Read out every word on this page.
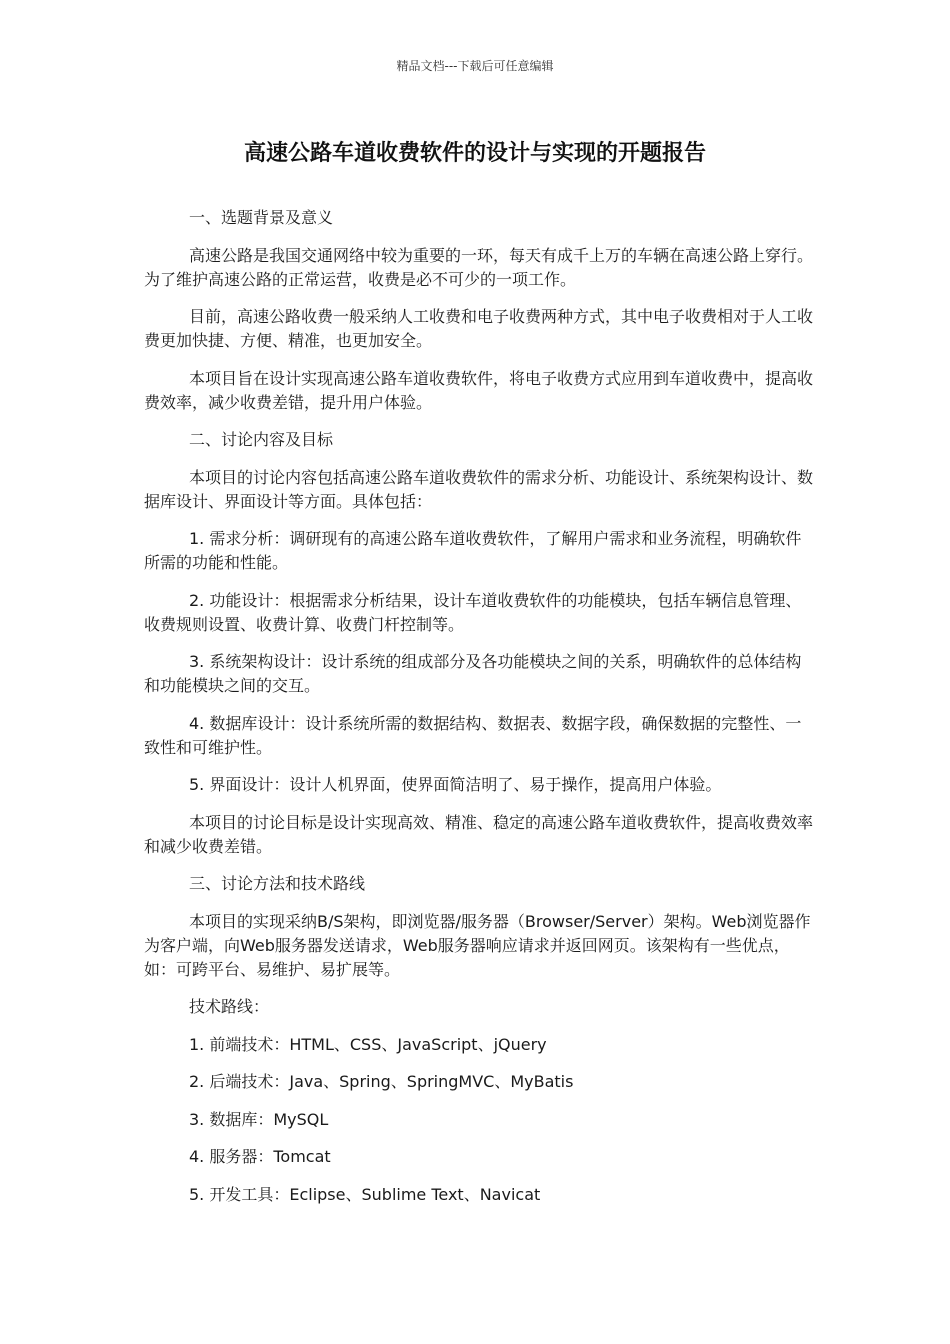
精品文档---下载后可任意编辑
高速公路车道收费软件的设计与实现的开题报告

一、选题背景及意义

高速公路是我国交通网络中较为重要的一环，每天有成千上万的车辆在高速公路上穿行。为了维护高速公路的正常运营，收费是必不可少的一项工作。

目前，高速公路收费一般采纳人工收费和电子收费两种方式，其中电子收费相对于人工收费更加快捷、方便、精准，也更加安全。

本项目旨在设计实现高速公路车道收费软件，将电子收费方式应用到车道收费中，提高收费效率，减少收费差错，提升用户体验。

二、讨论内容及目标

本项目的讨论内容包括高速公路车道收费软件的需求分析、功能设计、系统架构设计、数据库设计、界面设计等方面。具体包括：

1. 需求分析：调研现有的高速公路车道收费软件，了解用户需求和业务流程，明确软件所需的功能和性能。

2. 功能设计：根据需求分析结果，设计车道收费软件的功能模块，包括车辆信息管理、收费规则设置、收费计算、收费门杆控制等。

3. 系统架构设计：设计系统的组成部分及各功能模块之间的关系，明确软件的总体结构和功能模块之间的交互。

4. 数据库设计：设计系统所需的数据结构、数据表、数据字段，确保数据的完整性、一致性和可维护性。

5. 界面设计：设计人机界面，使界面简洁明了、易于操作，提高用户体验。

本项目的讨论目标是设计实现高效、精准、稳定的高速公路车道收费软件，提高收费效率和减少收费差错。

三、讨论方法和技术路线

本项目的实现采纳B/S架构，即浏览器/服务器（Browser/Server）架构。Web浏览器作为客户端，向Web服务器发送请求，Web服务器响应请求并返回网页。该架构有一些优点，如：可跨平台、易维护、易扩展等。

技术路线：

1. 前端技术：HTML、CSS、JavaScript、jQuery

2. 后端技术：Java、Spring、SpringMVC、MyBatis

3. 数据库：MySQL

4. 服务器：Tomcat

5. 开发工具：Eclipse、Sublime Text、Navicat
